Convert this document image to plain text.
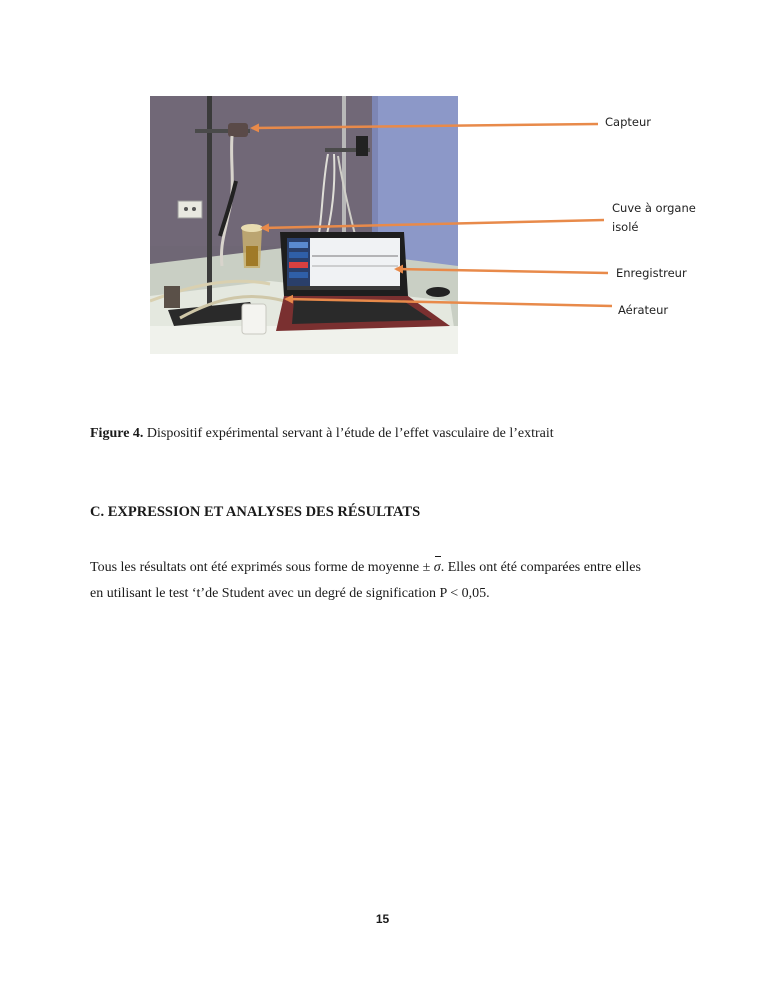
Capteur
Cuve à organe
isolé
Enregistreur
Aérateur
Figure 4. Dispositif expérimental servant à l’étude de l’effet vasculaire de l’extrait
C. EXPRESSION ET ANALYSES DES RÉSULTATS

Tous les résultats ont été exprimés sous forme de moyenne ± σ. Elles ont été comparées entre elles

en utilisant le test ‘t’de Student avec un degré de signification P < 0,05.

15
